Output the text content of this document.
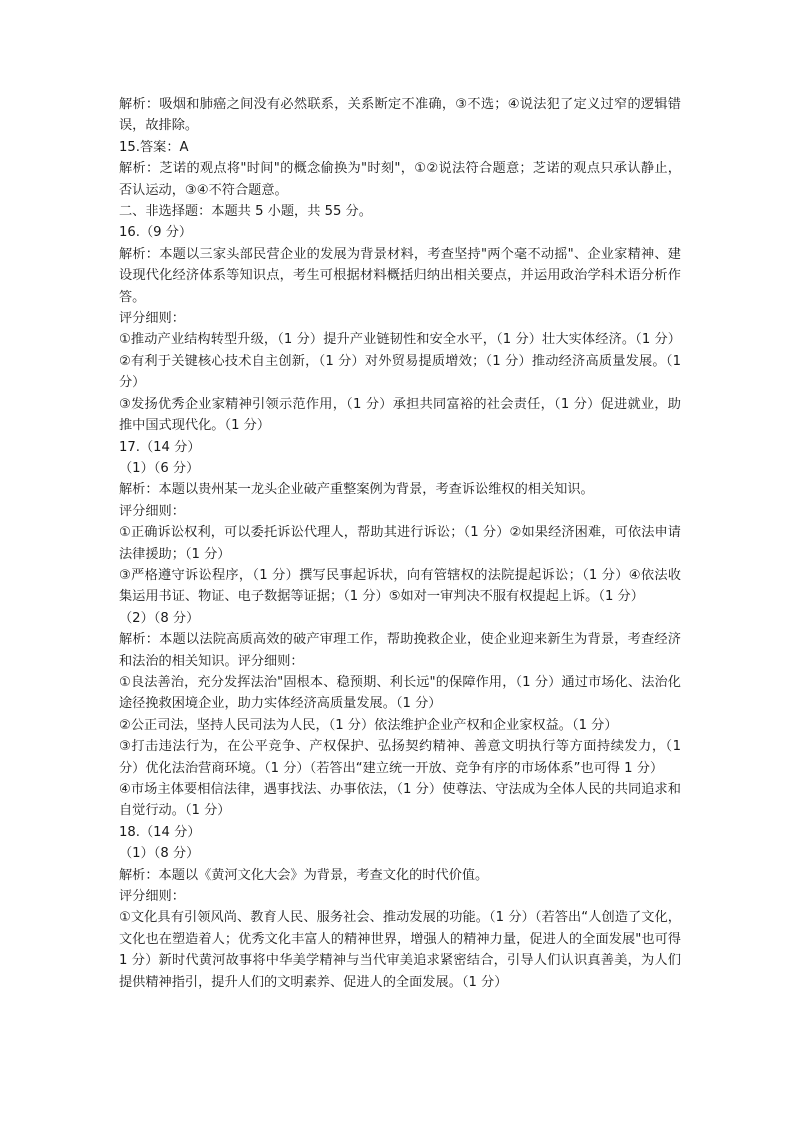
解析：吸烟和肺癌之间没有必然联系，关系断定不准确，③不选；④说法犯了定义过窄的逻辑错误，故排除。

15.答案：A

解析：芝诺的观点将"时间"的概念偷换为"时刻"，①②说法符合题意；芝诺的观点只承认静止，否认运动，③④不符合题意。

二、非选择题：本题共 5 小题，共 55 分。

16.（9 分）

解析：本题以三家头部民营企业的发展为背景材料，考查坚持"两个毫不动摇"、企业家精神、建设现代化经济体系等知识点，考生可根据材料概括归纳出相关要点，并运用政治学科术语分析作答。

评分细则：

①推动产业结构转型升级，（1 分）提升产业链韧性和安全水平，（1 分）壮大实体经济。（1 分）②有利于关键核心技术自主创新，（1 分）对外贸易提质增效；（1 分）推动经济高质量发展。（1 分）

③发扬优秀企业家精神引领示范作用，（1 分）承担共同富裕的社会责任，（1 分）促进就业，助推中国式现代化。（1 分）

17.（14 分）

（1）（6 分）

解析：本题以贵州某一龙头企业破产重整案例为背景，考查诉讼维权的相关知识。

评分细则：

①正确诉讼权利，可以委托诉讼代理人，帮助其进行诉讼；（1 分）②如果经济困难，可依法申请法律援助；（1 分）

③严格遵守诉讼程序，（1 分）撰写民事起诉状，向有管辖权的法院提起诉讼；（1 分）④依法收集运用书证、物证、电子数据等证据；（1 分）⑤如对一审判决不服有权提起上诉。（1 分）

（2）（8 分）

解析：本题以法院高质高效的破产审理工作，帮助挽救企业，使企业迎来新生为背景，考查经济和法治的相关知识。评分细则：

①良法善治，充分发挥法治"固根本、稳预期、利长远"的保障作用，（1 分）通过市场化、法治化途径挽救困境企业，助力实体经济高质量发展。（1 分）

②公正司法，坚持人民司法为人民，（1 分）依法维护企业产权和企业家权益。（1 分）

③打击违法行为，在公平竞争、产权保护、弘扬契约精神、善意文明执行等方面持续发力，（1 分）优化法治营商环境。（1 分）（若答出“建立统一开放、竞争有序的市场体系”也可得 1 分）

④市场主体要相信法律，遇事找法、办事依法，（1 分）使尊法、守法成为全体人民的共同追求和自觉行动。（1 分）

18.（14 分）

（1）（8 分）

解析：本题以《黄河文化大会》为背景，考查文化的时代价值。

评分细则：

①文化具有引领风尚、教育人民、服务社会、推动发展的功能。（1 分）（若答出“人创造了文化，文化也在塑造着人；优秀文化丰富人的精神世界，增强人的精神力量，促进人的全面发展"也可得 1 分）新时代黄河故事将中华美学精神与当代审美追求紧密结合，引导人们认识真善美，为人们提供精神指引，提升人们的文明素养、促进人的全面发展。（1 分）
